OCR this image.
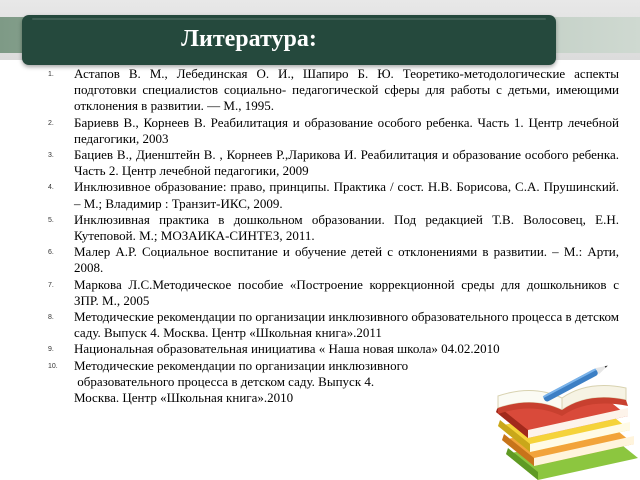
Литература:
1. Астапов В. М., Лебединская О. И., Шапиро Б. Ю. Теоретико-методологические аспекты подготовки специалистов социально- педагогической сферы для работы с детьми, имеющими отклонения в развитии. — М., 1995.
2. Бариевв В., Корнеев В. Реабилитация и образование особого ребенка. Часть 1. Центр лечебной педагогики, 2003
3. Бациев В., Диенштейн В. , Корнеев Р.,Ларикова И. Реабилитация и образование особого ребенка. Часть 2. Центр лечебной педагогики, 2009
4. Инклюзивное образование: право, принципы. Практика / сост. Н.В. Борисова, С.А. Прушинский. – М.; Владимир : Транзит-ИКС, 2009.
5. Инклюзивная практика в дошкольном образовании. Под редакцией Т.В. Волосовец, Е.Н. Кутеповой. М.; МОЗАИКА-СИНТЕЗ, 2011.
6. Малер А.Р. Социальное воспитание и обучение детей с отклонениями в развитии. – М.: Арти, 2008.
7. Маркова Л.С.Методическое пособие «Построение коррекционной среды для дошкольников с ЗПР. М., 2005
8. Методические рекомендации по организации инклюзивного образовательного процесса в детском саду. Выпуск 4. Москва. Центр «Школьная книга».2011
9. Национальная образовательная инициатива « Наша новая школа» 04.02.2010
10. Методические рекомендации по организации инклюзивного
образовательного процесса в детском саду. Выпуск 4.
Москва. Центр «Школьная книга».2010
